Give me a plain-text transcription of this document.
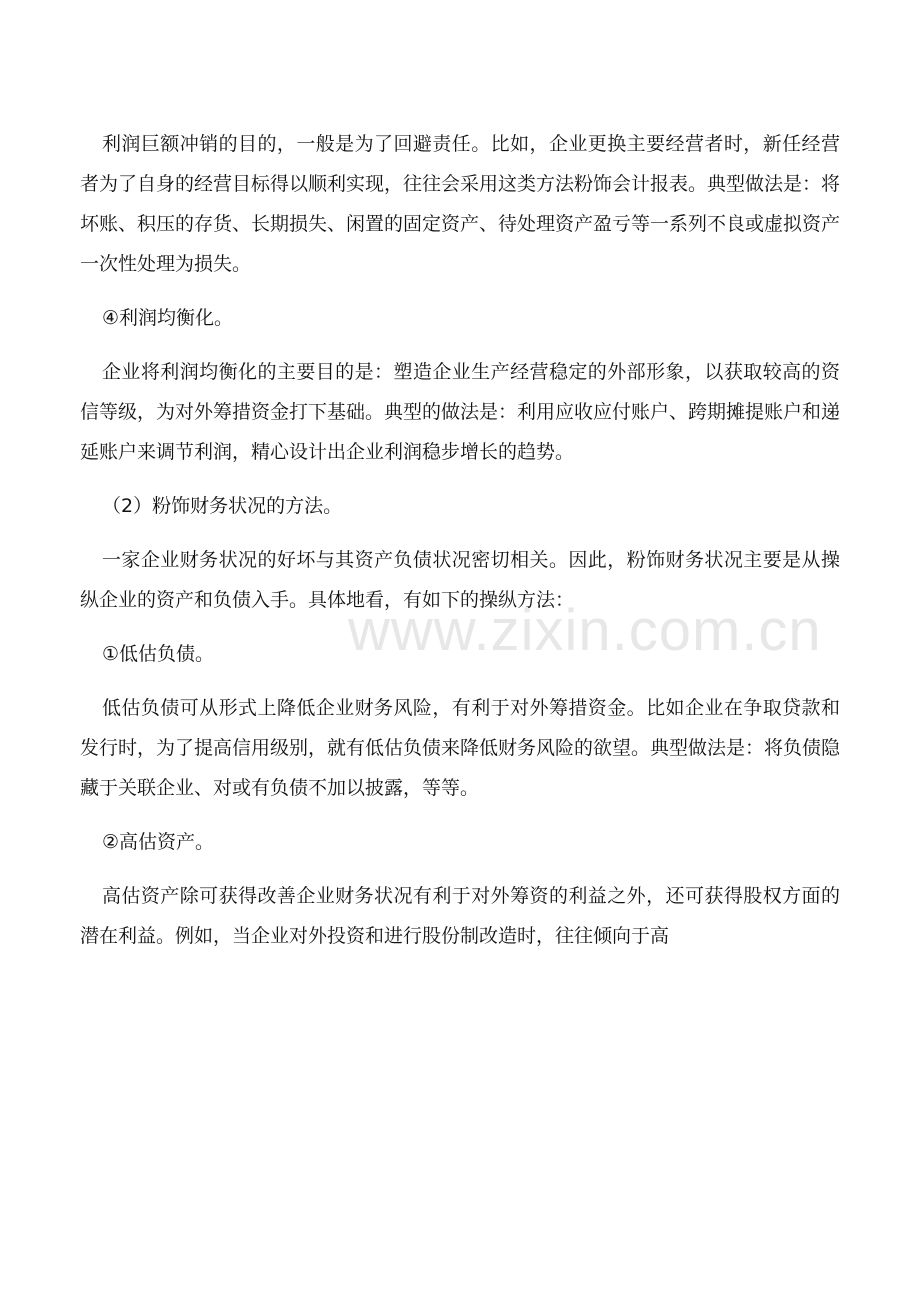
利润巨额冲销的目的，一般是为了回避责任。比如，企业更换主要经营者时，新任经营者为了自身的经营目标得以顺利实现，往往会采用这类方法粉饰会计报表。典型做法是：将坏账、积压的存货、长期损失、闲置的固定资产、待处理资产盈亏等一系列不良或虚拟资产一次性处理为损失。

④利润均衡化。

企业将利润均衡化的主要目的是：塑造企业生产经营稳定的外部形象，以获取较高的资信等级，为对外筹措资金打下基础。典型的做法是：利用应收应付账户、跨期摊提账户和递延账户来调节利润，精心设计出企业利润稳步增长的趋势。

（2）粉饰财务状况的方法。

一家企业财务状况的好坏与其资产负债状况密切相关。因此，粉饰财务状况主要是从操纵企业的资产和负债入手。具体地看，有如下的操纵方法：

①低估负债。

低估负债可从形式上降低企业财务风险，有利于对外筹措资金。比如企业在争取贷款和发行时，为了提高信用级别，就有低估负债来降低财务风险的欲望。典型做法是：将负债隐藏于关联企业、对或有负债不加以披露，等等。

②高估资产。

高估资产除可获得改善企业财务状况有利于对外筹资的利益之外，还可获得股权方面的潜在利益。例如，当企业对外投资和进行股份制改造时，往往倾向于高

www.zixin.com.cn
